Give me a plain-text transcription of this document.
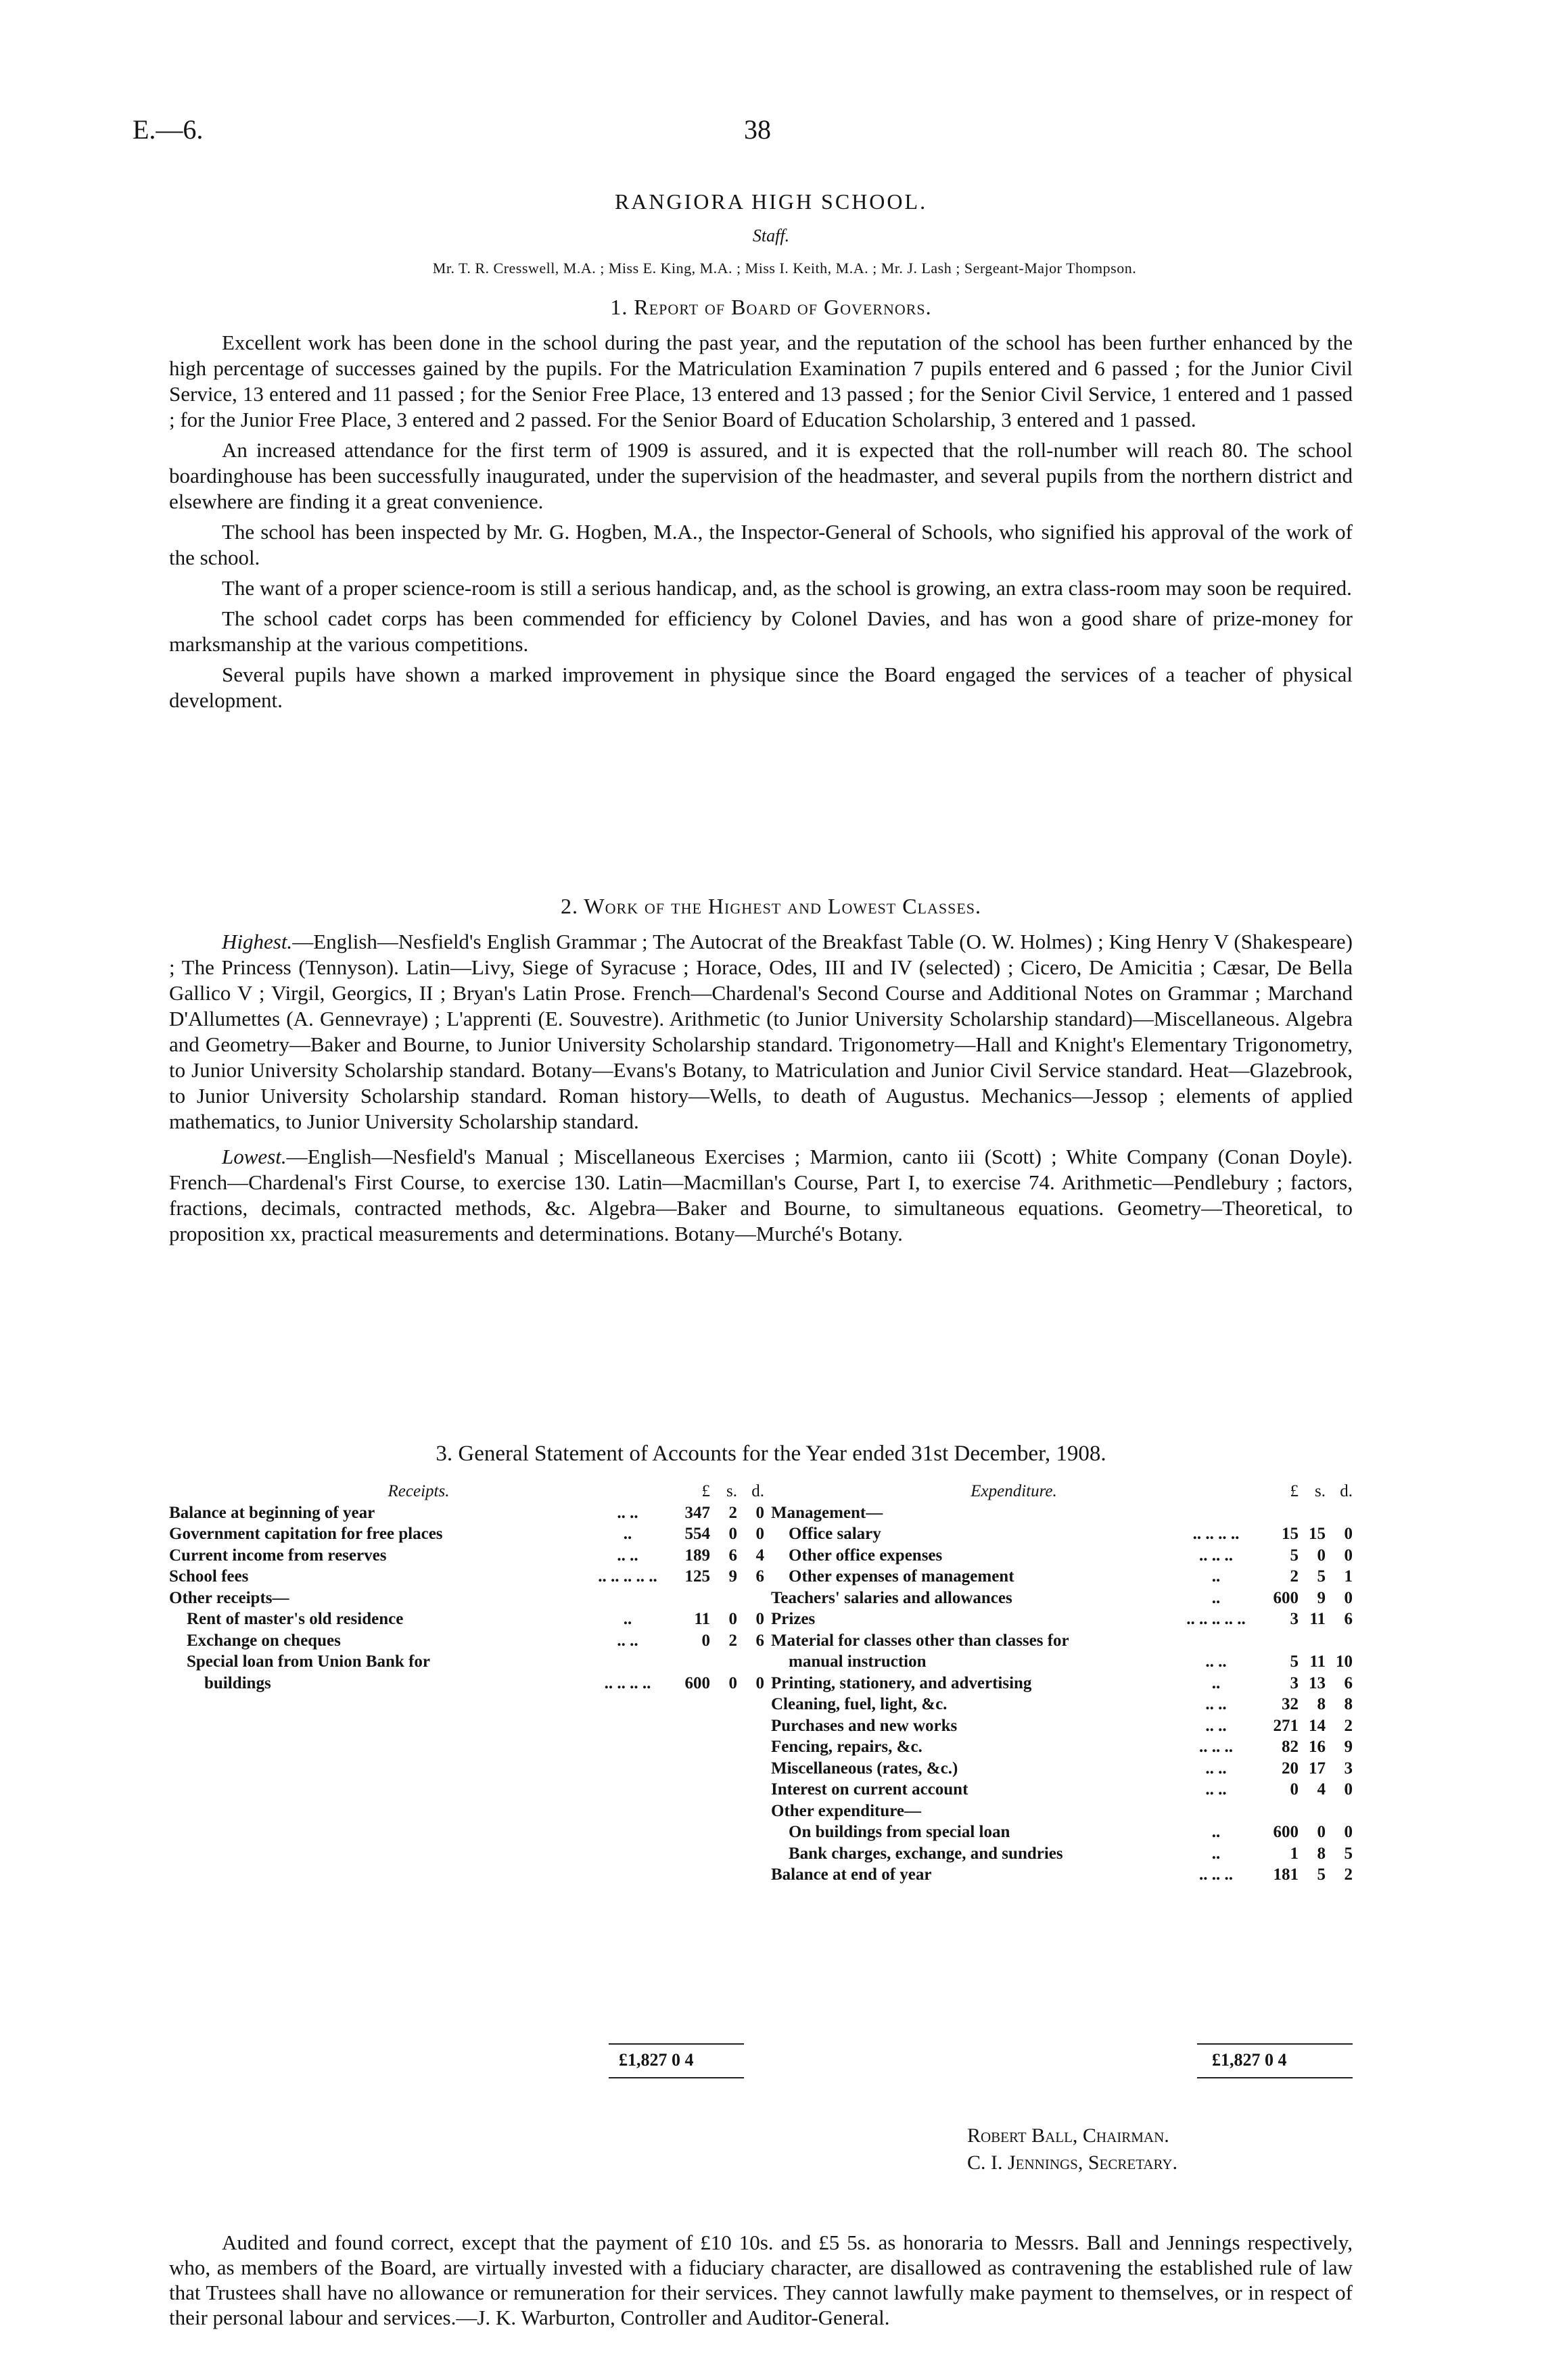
E.—6.	38
RANGIORA HIGH SCHOOL.
Staff.
Mr. T. R. Cresswell, M.A. ; Miss E. King, M.A. ; Miss I. Keith, M.A. ; Mr. J. Lash ; Sergeant-Major Thompson.
1. Report of Board of Governors.

Excellent work has been done in the school during the past year, and the reputation of the school has been further enhanced by the high percentage of successes gained by the pupils. For the Matriculation Examination 7 pupils entered and 6 passed ; for the Junior Civil Service, 13 entered and 11 passed ; for the Senior Free Place, 13 entered and 13 passed ; for the Senior Civil Service, 1 entered and 1 passed ; for the Junior Free Place, 3 entered and 2 passed. For the Senior Board of Education Scholarship, 3 entered and 1 passed.

An increased attendance for the first term of 1909 is assured, and it is expected that the roll-number will reach 80. The school boardinghouse has been successfully inaugurated, under the supervision of the headmaster, and several pupils from the northern district and elsewhere are finding it a great convenience.

The school has been inspected by Mr. G. Hogben, M.A., the Inspector-General of Schools, who signified his approval of the work of the school.

The want of a proper science-room is still a serious handicap, and, as the school is growing, an extra class-room may soon be required.

The school cadet corps has been commended for efficiency by Colonel Davies, and has won a good share of prize-money for marksmanship at the various competitions.

Several pupils have shown a marked improvement in physique since the Board engaged the services of a teacher of physical development.

2. Work of the Highest and Lowest Classes.

Highest.—English—Nesfield's English Grammar ; The Autocrat of the Breakfast Table (O. W. Holmes) ; King Henry V (Shakespeare) ; The Princess (Tennyson). Latin—Livy, Siege of Syracuse ; Horace, Odes, III and IV (selected) ; Cicero, De Amicitia ; Cæsar, De Bella Gallico V ; Virgil, Georgics, II ; Bryan's Latin Prose. French—Chardenal's Second Course and Additional Notes on Grammar ; Marchand D'Allumettes (A. Gennevraye) ; L'apprenti (E. Souvestre). Arithmetic (to Junior University Scholarship standard)—Miscellaneous. Algebra and Geometry—Baker and Bourne, to Junior University Scholarship standard. Trigonometry—Hall and Knight's Elementary Trigonometry, to Junior University Scholarship standard. Botany—Evans's Botany, to Matriculation and Junior Civil Service standard. Heat—Glazebrook, to Junior University Scholarship standard. Roman history—Wells, to death of Augustus. Mechanics—Jessop ; elements of applied mathematics, to Junior University Scholarship standard.

Lowest.—English—Nesfield's Manual ; Miscellaneous Exercises ; Marmion, canto iii (Scott) ; White Company (Conan Doyle). French—Chardenal's First Course, to exercise 130. Latin—Macmillan's Course, Part I, to exercise 74. Arithmetic—Pendlebury ; factors, fractions, decimals, contracted methods, &c. Algebra—Baker and Bourne, to simultaneous equations. Geometry—Theoretical, to proposition xx, practical measurements and determinations. Botany—Murché's Botany.

3. General Statement of Accounts for the Year ended 31st December, 1908.
Receipts.	£ s. d.
Balance at beginning of year	.. ..	347	2	0
Government capitation for free places	..	554	0	0
Current income from reserves	.. ..	189	6	4
School fees	.. .. .. .. ..	125	9	6
Other receipts—
Rent of master's old residence	..	11	0	0
Exchange on cheques	.. ..	0	2	6
Special loan from Union Bank for
buildings	.. .. .. ..	600	0	0
Expenditure.	£ s. d.
Management—
Office salary	.. .. .. ..	15 15	0
Other office expenses	.. .. ..	5	0	0
Other expenses of management	..	2	5	1
Teachers' salaries and allowances	..	600	9	0
Prizes	.. .. .. .. ..	3 11	6
Material for classes other than classes for
manual instruction	.. ..	5 11 10
Printing, stationery, and advertising	..	3 13	6
Cleaning, fuel, light, &c.	.. ..	32	8	8
Purchases and new works	.. ..	271 14	2
Fencing, repairs, &c.	.. .. ..	82 16	9
Miscellaneous (rates, &c.)	.. ..	20 17	3
Interest on current account	.. ..	0	4	0
Other expenditure—
On buildings from special loan	..	600	0	0
Bank charges, exchange, and sundries	..	1	8	5
Balance at end of year	.. .. ..	181	5	2
£1,827 0 4	£1,827 0 4
Robert Ball, Chairman.
C. I. Jennings, Secretary.

Audited and found correct, except that the payment of £10 10s. and £5 5s. as honoraria to Messrs. Ball and Jennings respectively, who, as members of the Board, are virtually invested with a fiduciary character, are disallowed as contravening the established rule of law that Trustees shall have no allowance or remuneration for their services. They cannot lawfully make payment to themselves, or in respect of their personal labour and services.—J. K. Warburton, Controller and Auditor-General.
